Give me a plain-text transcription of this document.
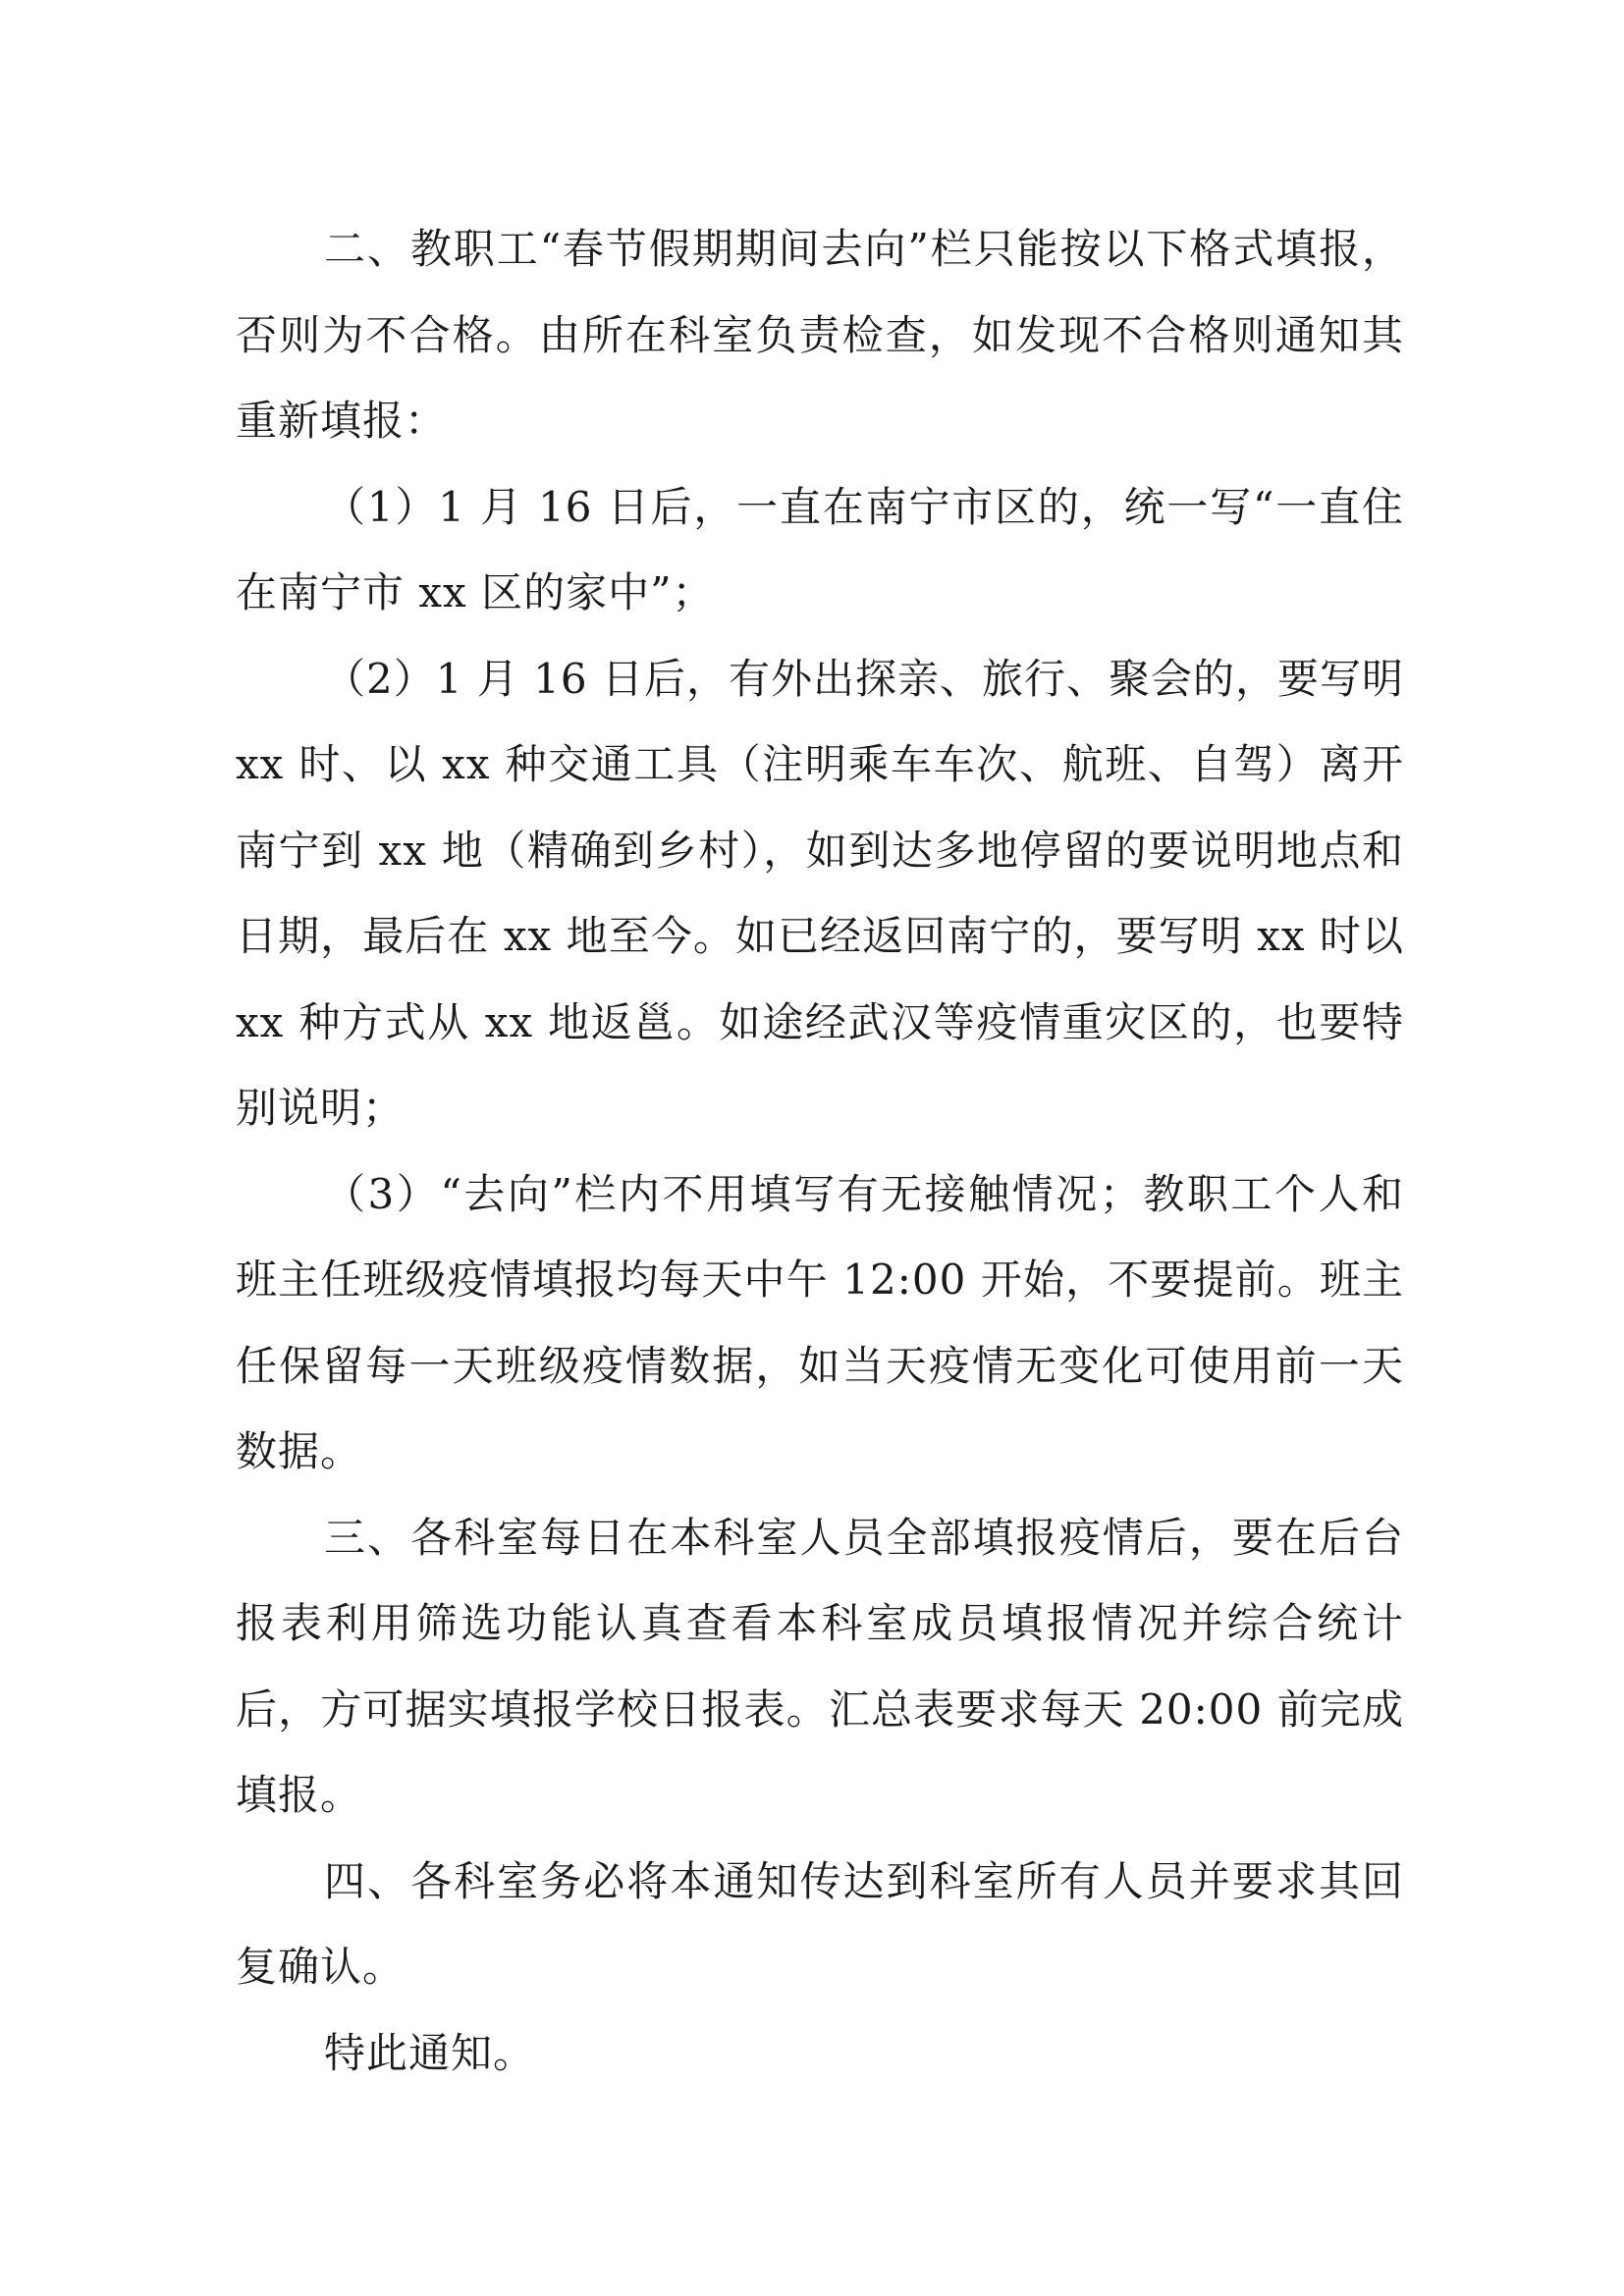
二、教职工“春节假期期间去向”栏只能按以下格式填报，否则为不合格。由所在科室负责检查，如发现不合格则通知其重新填报：

（1）1 月 16 日后，一直在南宁市区的，统一写“一直住在南宁市 xx 区的家中”；

（2）1 月 16 日后，有外出探亲、旅行、聚会的，要写明 xx 时、以 xx 种交通工具（注明乘车车次、航班、自驾）离开南宁到 xx 地（精确到乡村），如到达多地停留的要说明地点和日期，最后在 xx 地至今。如已经返回南宁的，要写明 xx 时以 xx 种方式从 xx 地返邕。如途经武汉等疫情重灾区的，也要特别说明；

（3）“去向”栏内不用填写有无接触情况；教职工个人和班主任班级疫情填报均每天中午 12:00 开始，不要提前。班主任保留每一天班级疫情数据，如当天疫情无变化可使用前一天数据。

三、各科室每日在本科室人员全部填报疫情后，要在后台报表利用筛选功能认真查看本科室成员填报情况并综合统计后，方可据实填报学校日报表。汇总表要求每天 20:00 前完成填报。

四、各科室务必将本通知传达到科室所有人员并要求其回复确认。

特此通知。
